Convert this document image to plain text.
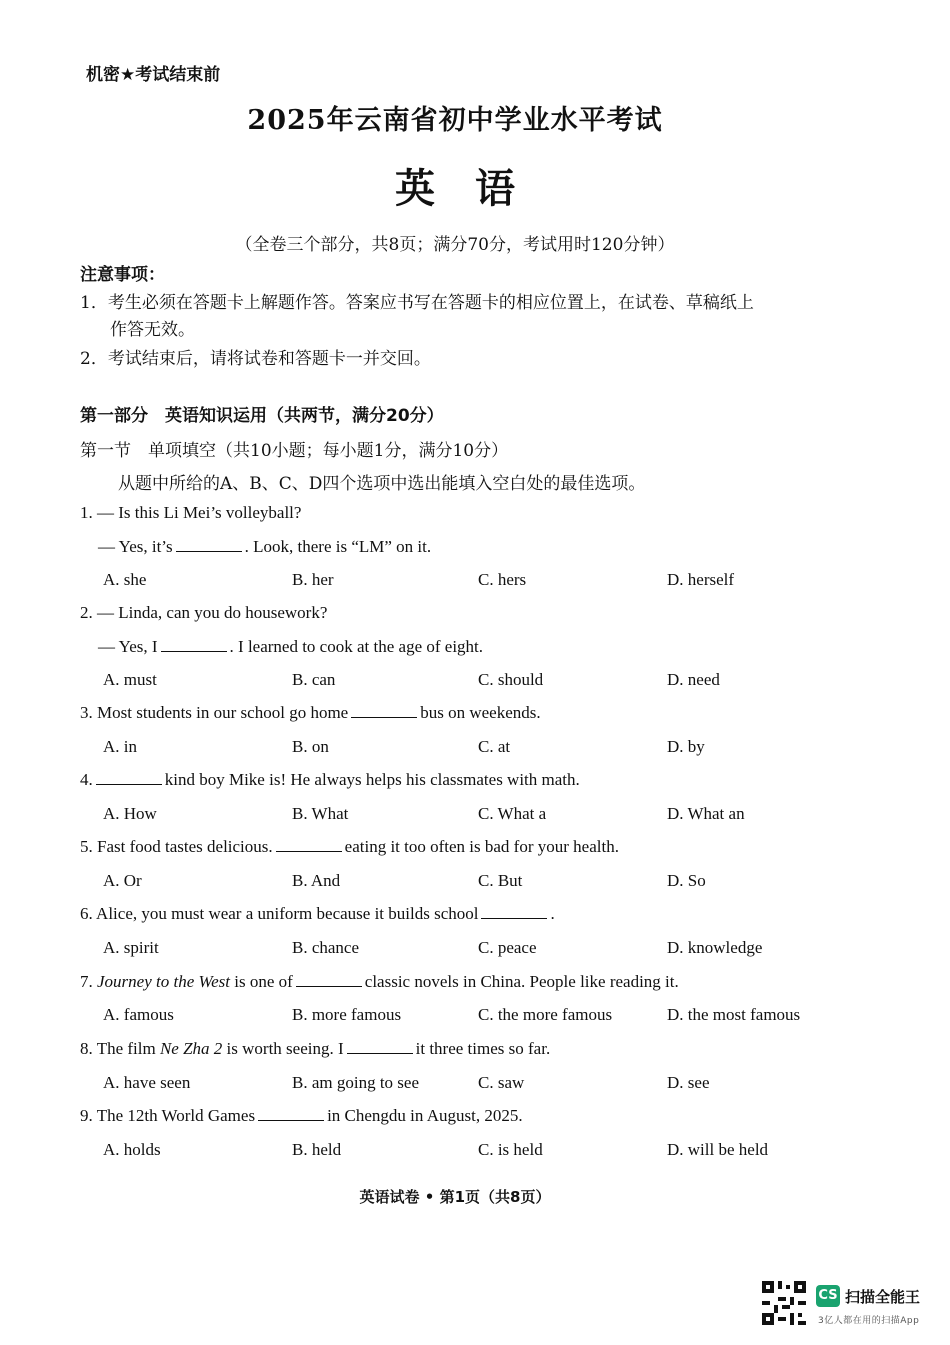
机密★考试结束前
2025年云南省初中学业水平考试
英语
（全卷三个部分，共8页；满分70分，考试用时120分钟）
注意事项：
1．考生必须在答题卡上解题作答。答案应书写在答题卡的相应位置上，在试卷、草稿纸上
作答无效。
2．考试结束后，请将试卷和答题卡一并交回。
第一部分　英语知识运用（共两节，满分20分）
第一节　单项填空（共10小题；每小题1分，满分10分）
从题中所给的A、B、C、D四个选项中选出能填入空白处的最佳选项。
1. — Is this Li Mei’s volleyball?
— Yes, it’s	. Look, there is “LM” on it.
A. she	B. her	C. hers	D. herself
2. — Linda, can you do housework?
— Yes, I	. I learned to cook at the age of eight.
A. must	B. can	C. should	D. need
3. Most students in our school go home	bus on weekends.
A. in	B. on	C. at	D. by
4.	kind boy Mike is! He always helps his classmates with math.
A. How	B. What	C. What a	D. What an
5. Fast food tastes delicious.	eating it too often is bad for your health.
A. Or	B. And	C. But	D. So
6. Alice, you must wear a uniform because it builds school	.
A. spirit	B. chance	C. peace	D. knowledge
7. Journey to the West is one of	classic novels in China. People like reading it.
A. famous	B. more famous	C. the more famous	D. the most famous
8. The film Ne Zha 2 is worth seeing. I	it three times so far.
A. have seen	B. am going to see	C. saw	D. see
9. The 12th World Games	in Chengdu in August, 2025.
A. holds	B. held	C. is held	D. will be held
英语试卷 • 第1页（共8页）
CS 扫描全能王
3亿人都在用的扫描App
